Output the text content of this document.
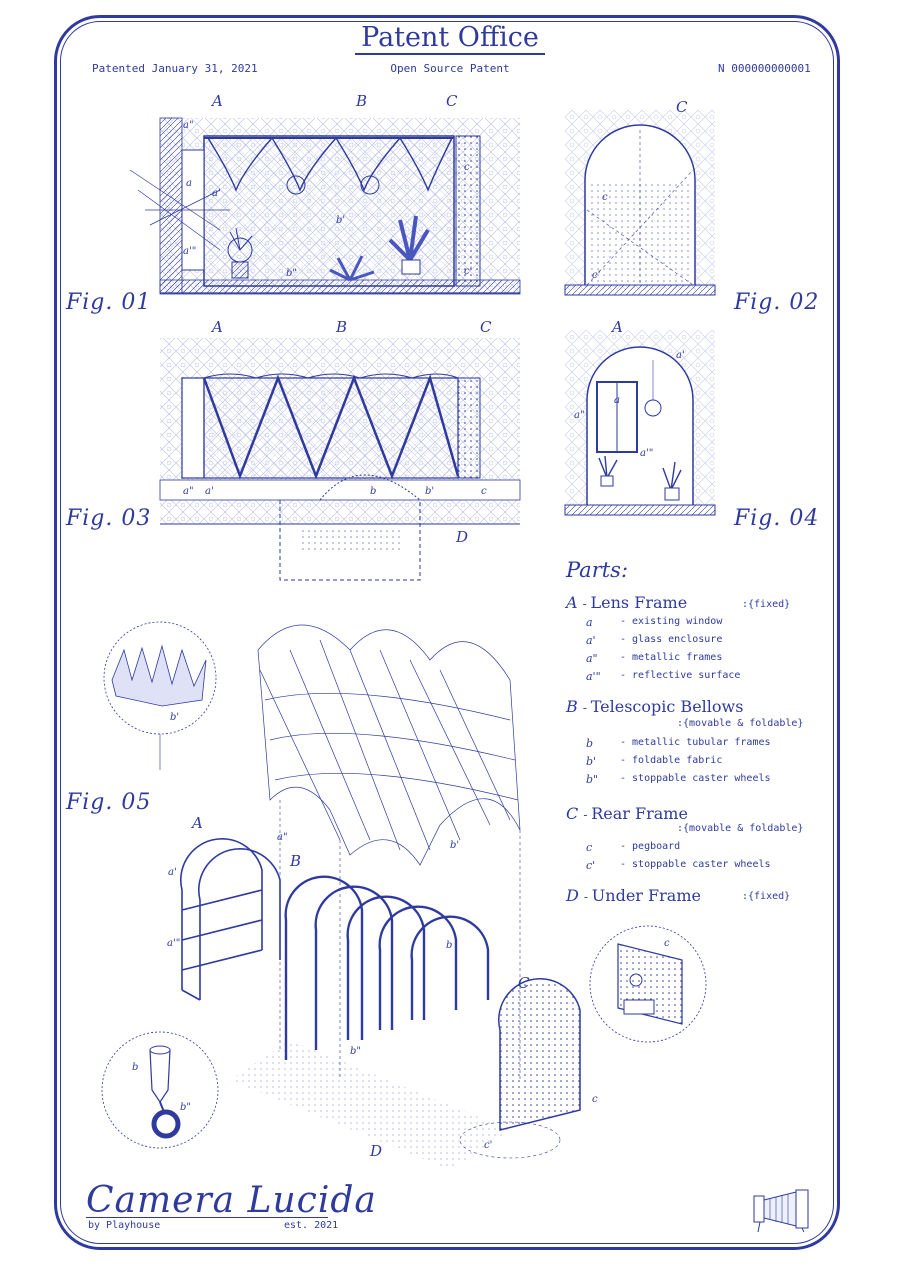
Patent Office
Patented January 31, 2021	Open Source Patent	N 000000000001
A	B	C
a"
a
a'
a'"
b"
b'
c
c'
Fig. 01
C
c
c'
Fig. 02
A	B	C
a" a'	b	b'	c
D
Fig. 03
A
a'
a
a"
a'"
Fig. 04
A
a"
a'
a'"
B
b'
b
b"
C
c
c'
D
Fig. 05
b'
b
b"
c
Parts:
A - Lens Frame	:{fixed}
a	- existing window
a' - glass enclosure
a" - metallic frames
a'" - reflective surface
B - Telescopic Bellows
:{movable & foldable}
b	- metallic tubular frames
b' - foldable fabric
b" - stoppable caster wheels
C - Rear Frame
:{movable & foldable}
c	- pegboard
c' - stoppable caster wheels
D - Under Frame	:{fixed}
Camera Lucida
by Playhouse	est. 2021
